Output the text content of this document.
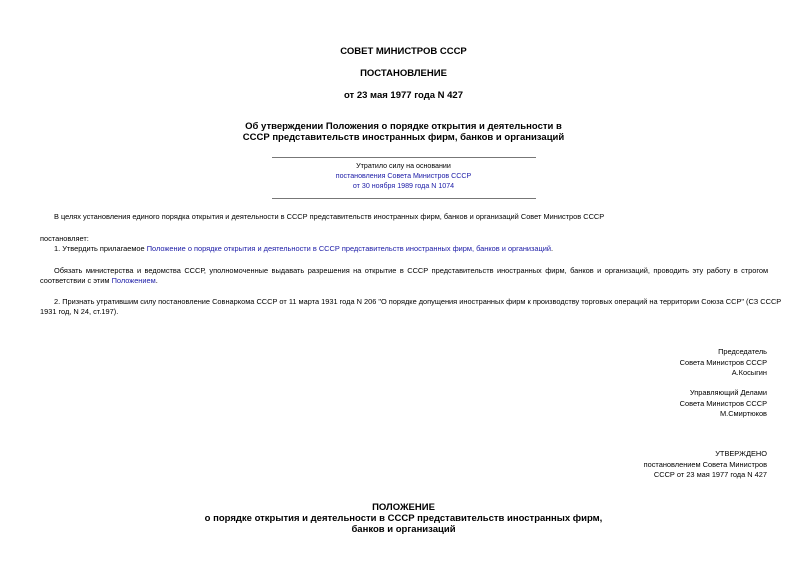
СОВЕТ МИНИСТРОВ СССР
ПОСТАНОВЛЕНИЕ
от 23 мая 1977 года N 427
Об утверждении Положения о порядке открытия и деятельности в
СССР представительств иностранных фирм, банков и организаций
Утратило силу на основании
постановления Совета Министров СССР
от 30 ноября 1989 года N 1074
В целях установления единого порядка открытия и деятельности в СССР представительств иностранных фирм, банков и организаций Совет Министров СССР
постановляет:
1. Утвердить прилагаемое Положение о порядке открытия и деятельности в СССР представительств иностранных фирм, банков и организаций.
Обязать министерства и ведомства СССР, уполномоченные выдавать разрешения на открытие в СССР представительств иностранных фирм, банков и организаций, проводить эту работу в строгом
соответствии с этим Положением.
2. Признать утратившим силу постановление Совнаркома СССР от 11 марта 1931 года N 206 "О порядке допущения иностранных фирм к производству торговых операций на территории Союза ССР" (СЗ СССР
1931 год, N 24, ст.197).
Председатель
Совета Министров СССР
А.Косыгин
Управляющий Делами
Совета Министров СССР
М.Смиртюков
УТВЕРЖДЕНО
постановлением Совета Министров
СССР от 23 мая 1977 года N 427
ПОЛОЖЕНИЕ
о порядке открытия и деятельности в СССР представительств иностранных фирм,
банков и организаций
